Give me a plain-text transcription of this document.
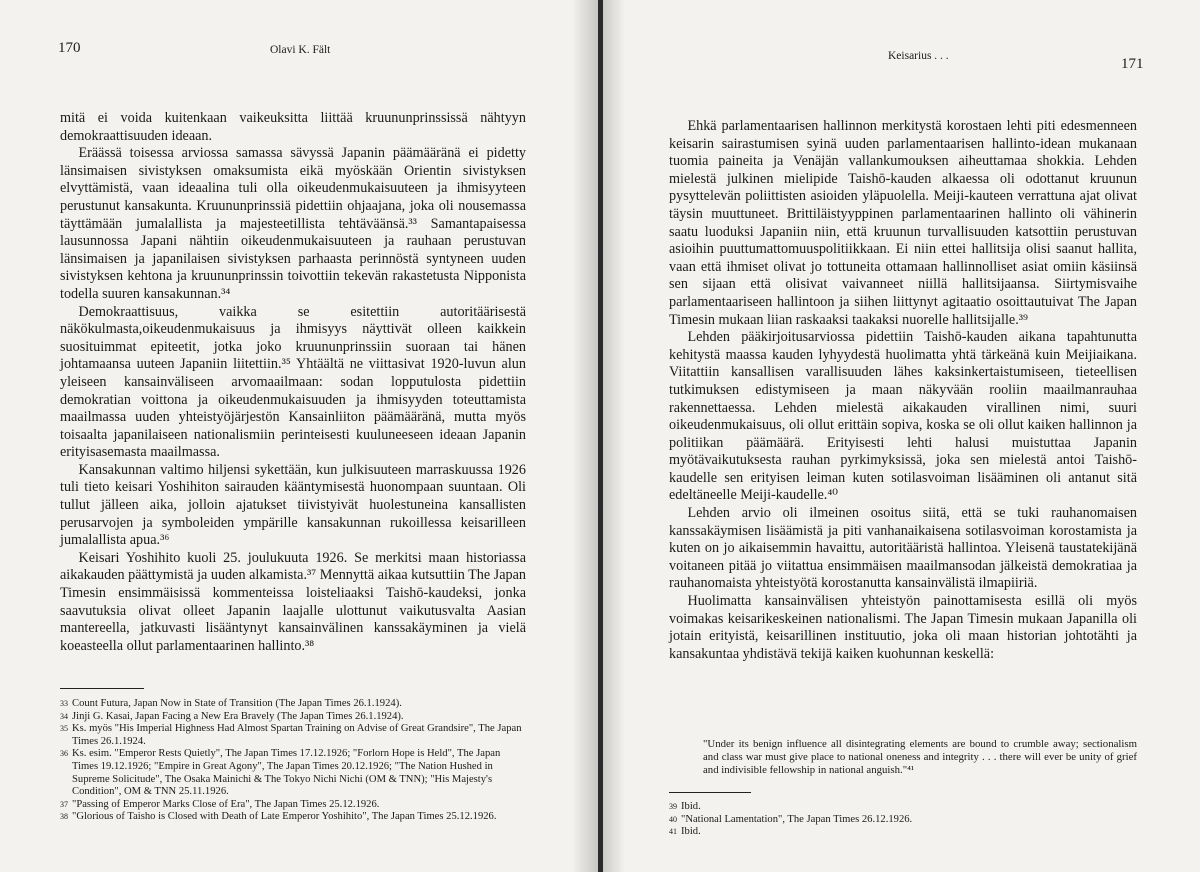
170	Olavi K. Fält

mitä ei voida kuitenkaan vaikeuksitta liittää kruununprinssissä nähtyyn demokraattisuuden ideaan.

Eräässä toisessa arviossa samassa sävyssä Japanin päämääränä ei pidetty länsimaisen sivistyksen omaksumista eikä myöskään Orientin sivistyksen elvyttämistä, vaan ideaalina tuli olla oikeudenmukaisuuteen ja ihmisyyteen perustunut kansakunta. Kruununprinssiä pidettiin ohjaajana, joka oli nousemassa täyttämään jumalallista ja majesteetillista tehtäväänsä.³³ Samantapaisessa lausunnossa Japani nähtiin oikeudenmukaisuuteen ja rauhaan perustuvan länsimaisen ja japanilaisen sivistyksen parhaasta perinnöstä syntyneen uuden sivistyksen kehtona ja kruununprinssin toivottiin tekevän rakastetusta Nipponista todella suuren kansakunnan.³⁴

Demokraattisuus, vaikka se esitettiin autoritäärisestä näkökulmasta,oikeudenmukaisuus ja ihmisyys näyttivät olleen kaikkein suosituimmat epiteetit, jotka joko kruununprinssiin suoraan tai hänen johtamaansa uuteen Japaniin liitettiin.³⁵ Yhtäältä ne viittasivat 1920-luvun alun yleiseen kansainväliseen arvomaailmaan: sodan lopputulosta pidettiin demokratian voittona ja oikeudenmukaisuuden ja ihmisyyden toteuttamista maailmassa uuden yhteistyöjärjestön Kansainliiton päämääränä, mutta myös toisaalta japanilaiseen nationalismiin perinteisesti kuuluneeseen ideaan Japanin erityisasemasta maailmassa.

Kansakunnan valtimo hiljensi sykettään, kun julkisuuteen marraskuussa 1926 tuli tieto keisari Yoshihiton sairauden kääntymisestä huonompaan suuntaan. Oli tullut jälleen aika, jolloin ajatukset tiivistyivät huolestuneina kansallisten perusarvojen ja symboleiden ympärille kansakunnan rukoillessa keisarilleen jumalallista apua.³⁶

Keisari Yoshihito kuoli 25. joulukuuta 1926. Se merkitsi maan historiassa aikakauden päättymistä ja uuden alkamista.³⁷ Mennyttä aikaa kutsuttiin The Japan Timesin ensimmäisissä kommenteissa loisteliaaksi Taishō-kaudeksi, jonka saavutuksia olivat olleet Japanin laajalle ulottunut vaikutusvalta Aasian mantereella, jatkuvasti lisääntynyt kansainvälinen kanssakäyminen ja vielä koeasteella ollut parlamentaarinen hallinto.³⁸

33 Count Futura, Japan Now in State of Transition (The Japan Times 26.1.1924).
34 Jinji G. Kasai, Japan Facing a New Era Bravely (The Japan Times 26.1.1924).
35 Ks. myös "His Imperial Highness Had Almost Spartan Training on Advise of Great Grandsire", The Japan Times 26.1.1924.
36 Ks. esim. "Emperor Rests Quietly", The Japan Times 17.12.1926; "Forlorn Hope is Held", The Japan Times 19.12.1926; "Empire in Great Agony", The Japan Times 20.12.1926; "The Nation Hushed in Supreme Solicitude", The Osaka Mainichi & The Tokyo Nichi Nichi (OM & TNN); "His Majesty's Condition", OM & TNN 25.11.1926.
37 "Passing of Emperor Marks Close of Era", The Japan Times 25.12.1926.
38 "Glorious of Taisho is Closed with Death of Late Emperor Yoshihito", The Japan Times 25.12.1926.
Keisarius . . .	171

Ehkä parlamentaarisen hallinnon merkitystä korostaen lehti piti edesmenneen keisarin sairastumisen syinä uuden parlamentaarisen hallinto-idean mukanaan tuomia paineita ja Venäjän vallankumouksen aiheuttamaa shokkia. Lehden mielestä julkinen mielipide Taishō-kauden alkaessa oli odottanut kruunun pysyttelevän poliittisten asioiden yläpuolella. Meiji-kauteen verrattuna ajat olivat täysin muuttuneet. Brittiläistyyppinen parlamentaarinen hallinto oli vähinerin saatu luoduksi Japaniin niin, että kruunun turvallisuuden katsottiin perustuvan asioihin puuttumattomuuspolitiikkaan. Ei niin ettei hallitsija olisi saanut hallita, vaan että ihmiset olivat jo tottuneita ottamaan hallinnolliset asiat omiin käsiinsä sen sijaan että olisivat vaivanneet niillä hallitsijaansa. Siirtymisvaihe parlamentaariseen hallintoon ja siihen liittynyt agitaatio osoittautuivat The Japan Timesin mukaan liian raskaaksi taakaksi nuorelle hallitsijalle.³⁹

Lehden pääkirjoitusarviossa pidettiin Taishō-kauden aikana tapahtunutta kehitystä maassa kauden lyhyydestä huolimatta yhtä tärkeänä kuin Meijiaikana. Viitattiin kansallisen varallisuuden lähes kaksinkertaistumiseen, tieteellisen tutkimuksen edistymiseen ja maan näkyvään rooliin maailmanrauhaa rakennettaessa. Lehden mielestä aikakauden virallinen nimi, suuri oikeudenmukaisuus, oli ollut erittäin sopiva, koska se oli ollut kaiken hallinnon ja politiikan päämäärä. Erityisesti lehti halusi muistuttaa Japanin myötävaikutuksesta rauhan pyrkimyksissä, joka sen mielestä antoi Taishō-kaudelle sen erityisen leiman kuten sotilasvoiman lisääminen oli antanut sitä edeltäneelle Meiji-kaudelle.⁴⁰

Lehden arvio oli ilmeinen osoitus siitä, että se tuki rauhanomaisen kanssakäymisen lisäämistä ja piti vanhanaikaisena sotilasvoiman korostamista ja kuten on jo aikaisemmin havaittu, autoritääristä hallintoa. Yleisenä taustatekijänä voitaneen pitää jo viitattua ensimmäisen maailmansodan jälkeistä demokratiaa ja rauhanomaista yhteistyötä korostanutta kansainvälistä ilmapiiriä.

Huolimatta kansainvälisen yhteistyön painottamisesta esillä oli myös voimakas keisarikeskeinen nationalismi. The Japan Timesin mukaan Japanilla oli jotain erityistä, keisarillinen instituutio, joka oli maan historian johtotähti ja kansakuntaa yhdistävä tekijä kaiken kuohunnan keskellä:

"Under its benign influence all disintegrating elements are bound to crumble away; sectionalism and class war must give place to national oneness and integrity . . . there will ever be unity of grief and indivisible fellowship in national anguish."⁴¹
39 Ibid.
40 "National Lamentation", The Japan Times 26.12.1926.
41 Ibid.
